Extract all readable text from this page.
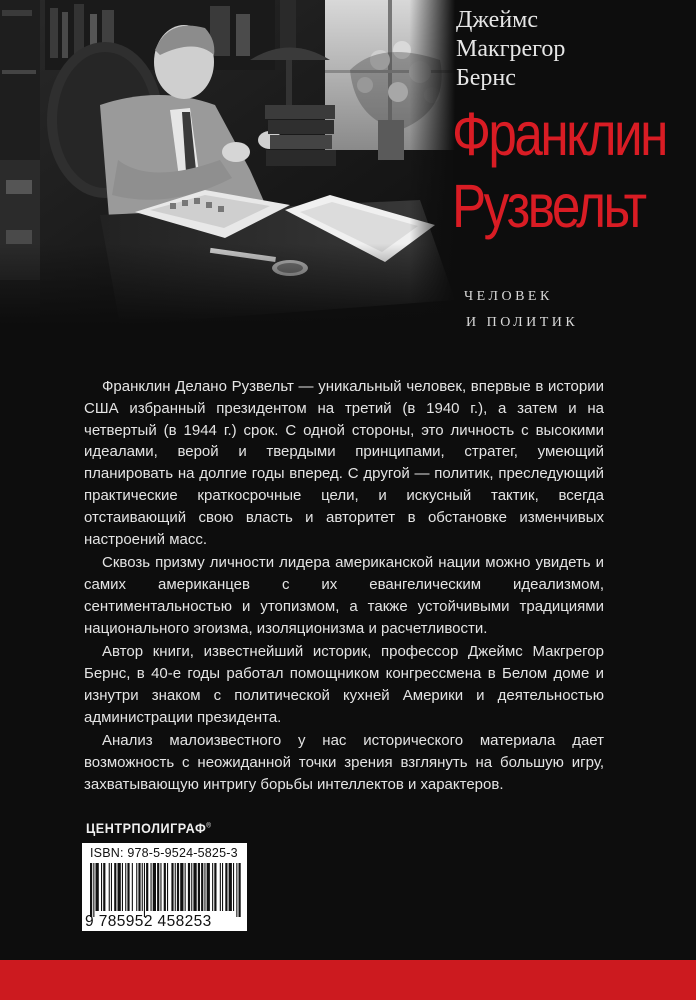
Джеймс
Макгрегор
Бернс
Франклин
Рузвельт
ЧЕЛОВЕК
И ПОЛИТИК

Франклин Делано Рузвельт — уникальный человек, впервые в истории США избранный президентом на третий (в 1940 г.), а затем и на четвертый (в 1944 г.) срок. С одной стороны, это личность с высокими идеалами, верой и твердыми принципами, стратег, умеющий планировать на долгие годы вперед. С другой — политик, преследующий практические краткосрочные цели, и искусный тактик, всегда отстаивающий свою власть и авторитет в обстановке изменчивых настроений масс.

Сквозь призму личности лидера американской нации можно увидеть и самих американцев с их евангелическим идеализмом, сентиментальностью и утопизмом, а также устойчивыми традициями национального эгоизма, изоляционизма и расчетливости.

Автор книги, известнейший историк, профессор Джеймс Макгрегор Бернс, в 40-е годы работал помощником конгрессмена в Белом доме и изнутри знаком с политической кухней Америки и деятельностью администрации президента.

Анализ малоизвестного у нас исторического материала дает возможность с неожиданной точки зрения взглянуть на большую игру, захватывающую интригу борьбы интеллектов и характеров.

ЦЕНТРПОЛИГРАФ®
ISBN: 978-5-9524-5825-3
9 785952 458253
